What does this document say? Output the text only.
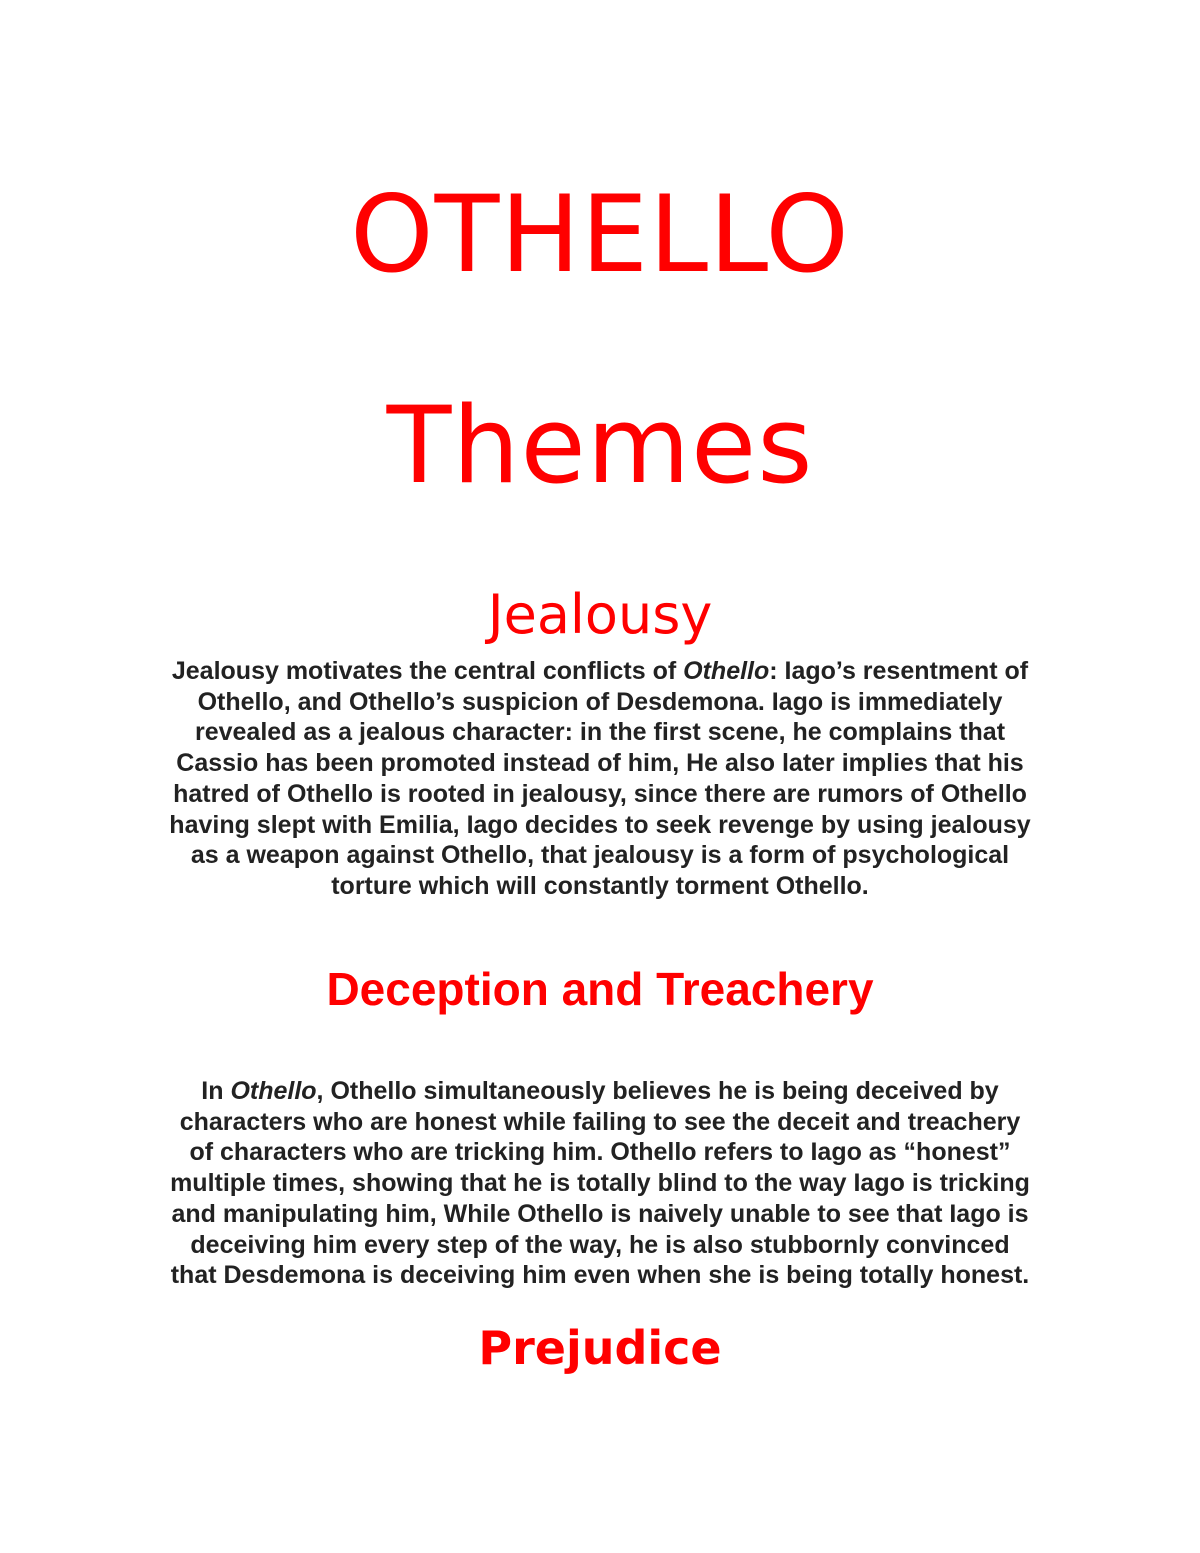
OTHELLO
Themes
Jealousy
Jealousy motivates the central conflicts of Othello: Iago’s resentment of
Othello, and Othello’s suspicion of Desdemona. Iago is immediately
revealed as a jealous character: in the first scene, he complains that
Cassio has been promoted instead of him, He also later implies that his
hatred of Othello is rooted in jealousy, since there are rumors of Othello
having slept with Emilia, Iago decides to seek revenge by using jealousy
as a weapon against Othello, that jealousy is a form of psychological
torture which will constantly torment Othello.
Deception and Treachery
In Othello, Othello simultaneously believes he is being deceived by
characters who are honest while failing to see the deceit and treachery
of characters who are tricking him. Othello refers to Iago as “honest”
multiple times, showing that he is totally blind to the way Iago is tricking
and manipulating him, While Othello is naively unable to see that Iago is
deceiving him every step of the way, he is also stubbornly convinced
that Desdemona is deceiving him even when she is being totally honest.
Prejudice
